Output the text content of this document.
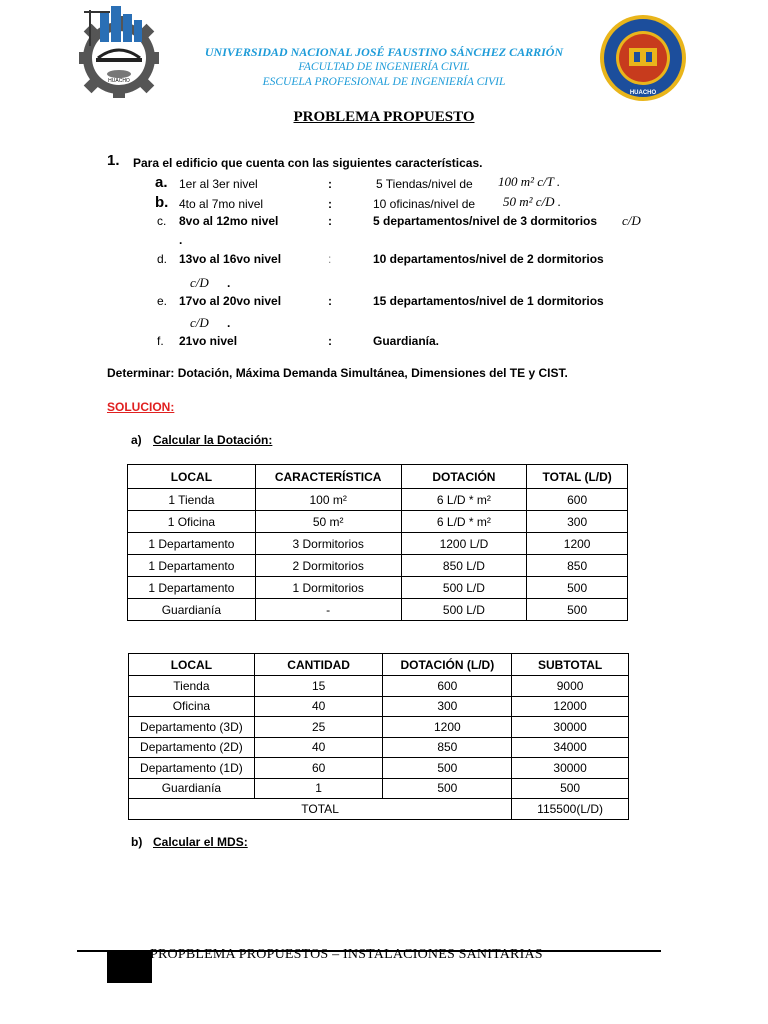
HUACHO
HUACHO
UNIVERSIDAD NACIONAL JOSÉ FAUSTINO SÁNCHEZ CARRIÓN
FACULTAD DE INGENIERÍA CIVIL
ESCUELA PROFESIONAL DE INGENIERÍA CIVIL
PROBLEMA PROPUESTO
1. Para el edificio que cuenta con las siguientes características.
a. 1er al 3er nivel	:	5 Tiendas/nivel de 100 m² c/T .
b. 4to al 7mo nivel	:	10 oficinas/nivel de 50 m² c/D .
c. 8vo al 12mo nivel	:	5 departamentos/nivel de 3 dormitorios c/D
.
d. 13vo al 16vo nivel	:	10 departamentos/nivel de 2 dormitorios
c/D .
e. 17vo al 20vo nivel	:	15 departamentos/nivel de 1 dormitorios
c/D .
f. 21vo nivel	:	Guardianía.
Determinar: Dotación, Máxima Demanda Simultánea, Dimensiones del TE y CIST.
SOLUCION:
a) Calcular la Dotación:
LOCAL	CARACTERÍSTICA	DOTACIÓN	TOTAL (L/D)
1 Tienda	100 m²	6 L/D * m²	600
1 Oficina	50 m²	6 L/D * m²	300
1 Departamento	3 Dormitorios	1200 L/D	1200
1 Departamento	2 Dormitorios	850 L/D	850
1 Departamento	1 Dormitorios	500 L/D	500
Guardianía	-	500 L/D	500
LOCAL	CANTIDAD	DOTACIÓN (L/D)	SUBTOTAL
Tienda	15	600	9000
Oficina	40	300	12000
Departamento (3D)	25	1200	30000
Departamento (2D)	40	850	34000
Departamento (1D)	60	500	30000
Guardianía	1	500	500
TOTAL			115500(L/D)
b) Calcular el MDS:
PROPBLEMA PROPUESTOS – INSTALACIONES SANITARIAS
